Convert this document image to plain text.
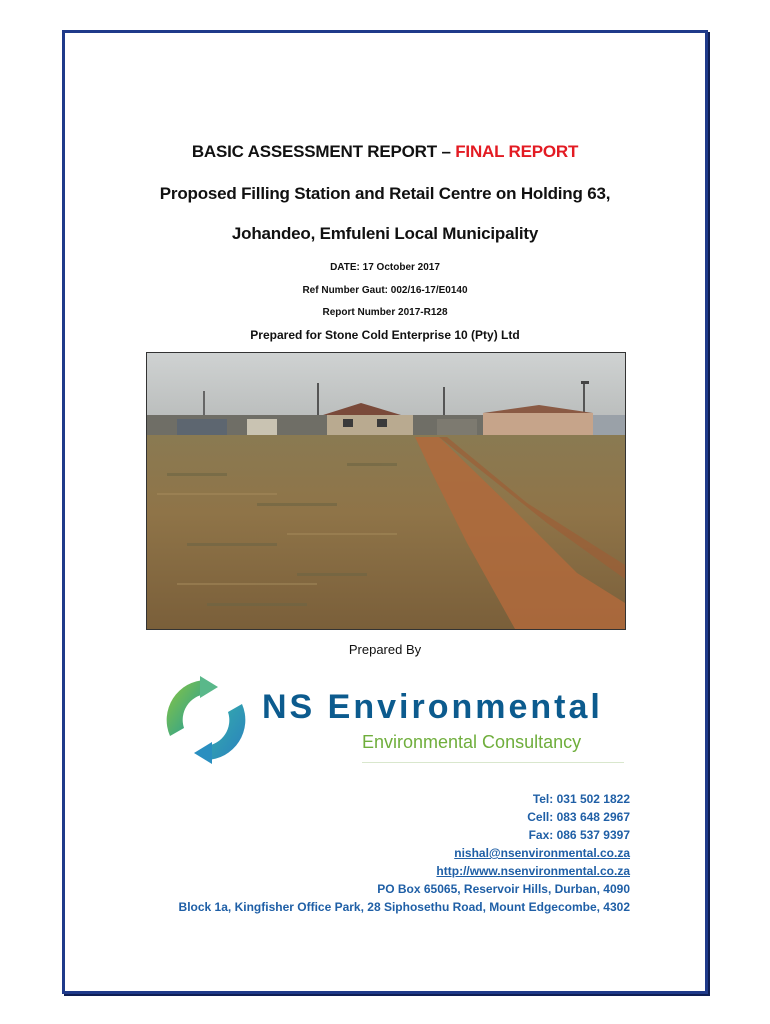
BASIC ASSESSMENT REPORT – FINAL REPORT
Proposed Filling Station and Retail Centre on Holding 63,
Johandeo, Emfuleni Local Municipality
DATE: 17 October 2017
Ref Number Gaut: 002/16-17/E0140
Report Number 2017-R128
Prepared for Stone Cold Enterprise 10 (Pty) Ltd
Prepared By
NS Environmental
Environmental Consultancy
Tel: 031 502 1822
Cell: 083 648 2967
Fax: 086 537 9397
nishal@nsenvironmental.co.za
http://www.nsenvironmental.co.za
PO Box 65065, Reservoir Hills, Durban, 4090
Block 1a, Kingfisher Office Park, 28 Siphosethu Road, Mount Edgecombe, 4302
